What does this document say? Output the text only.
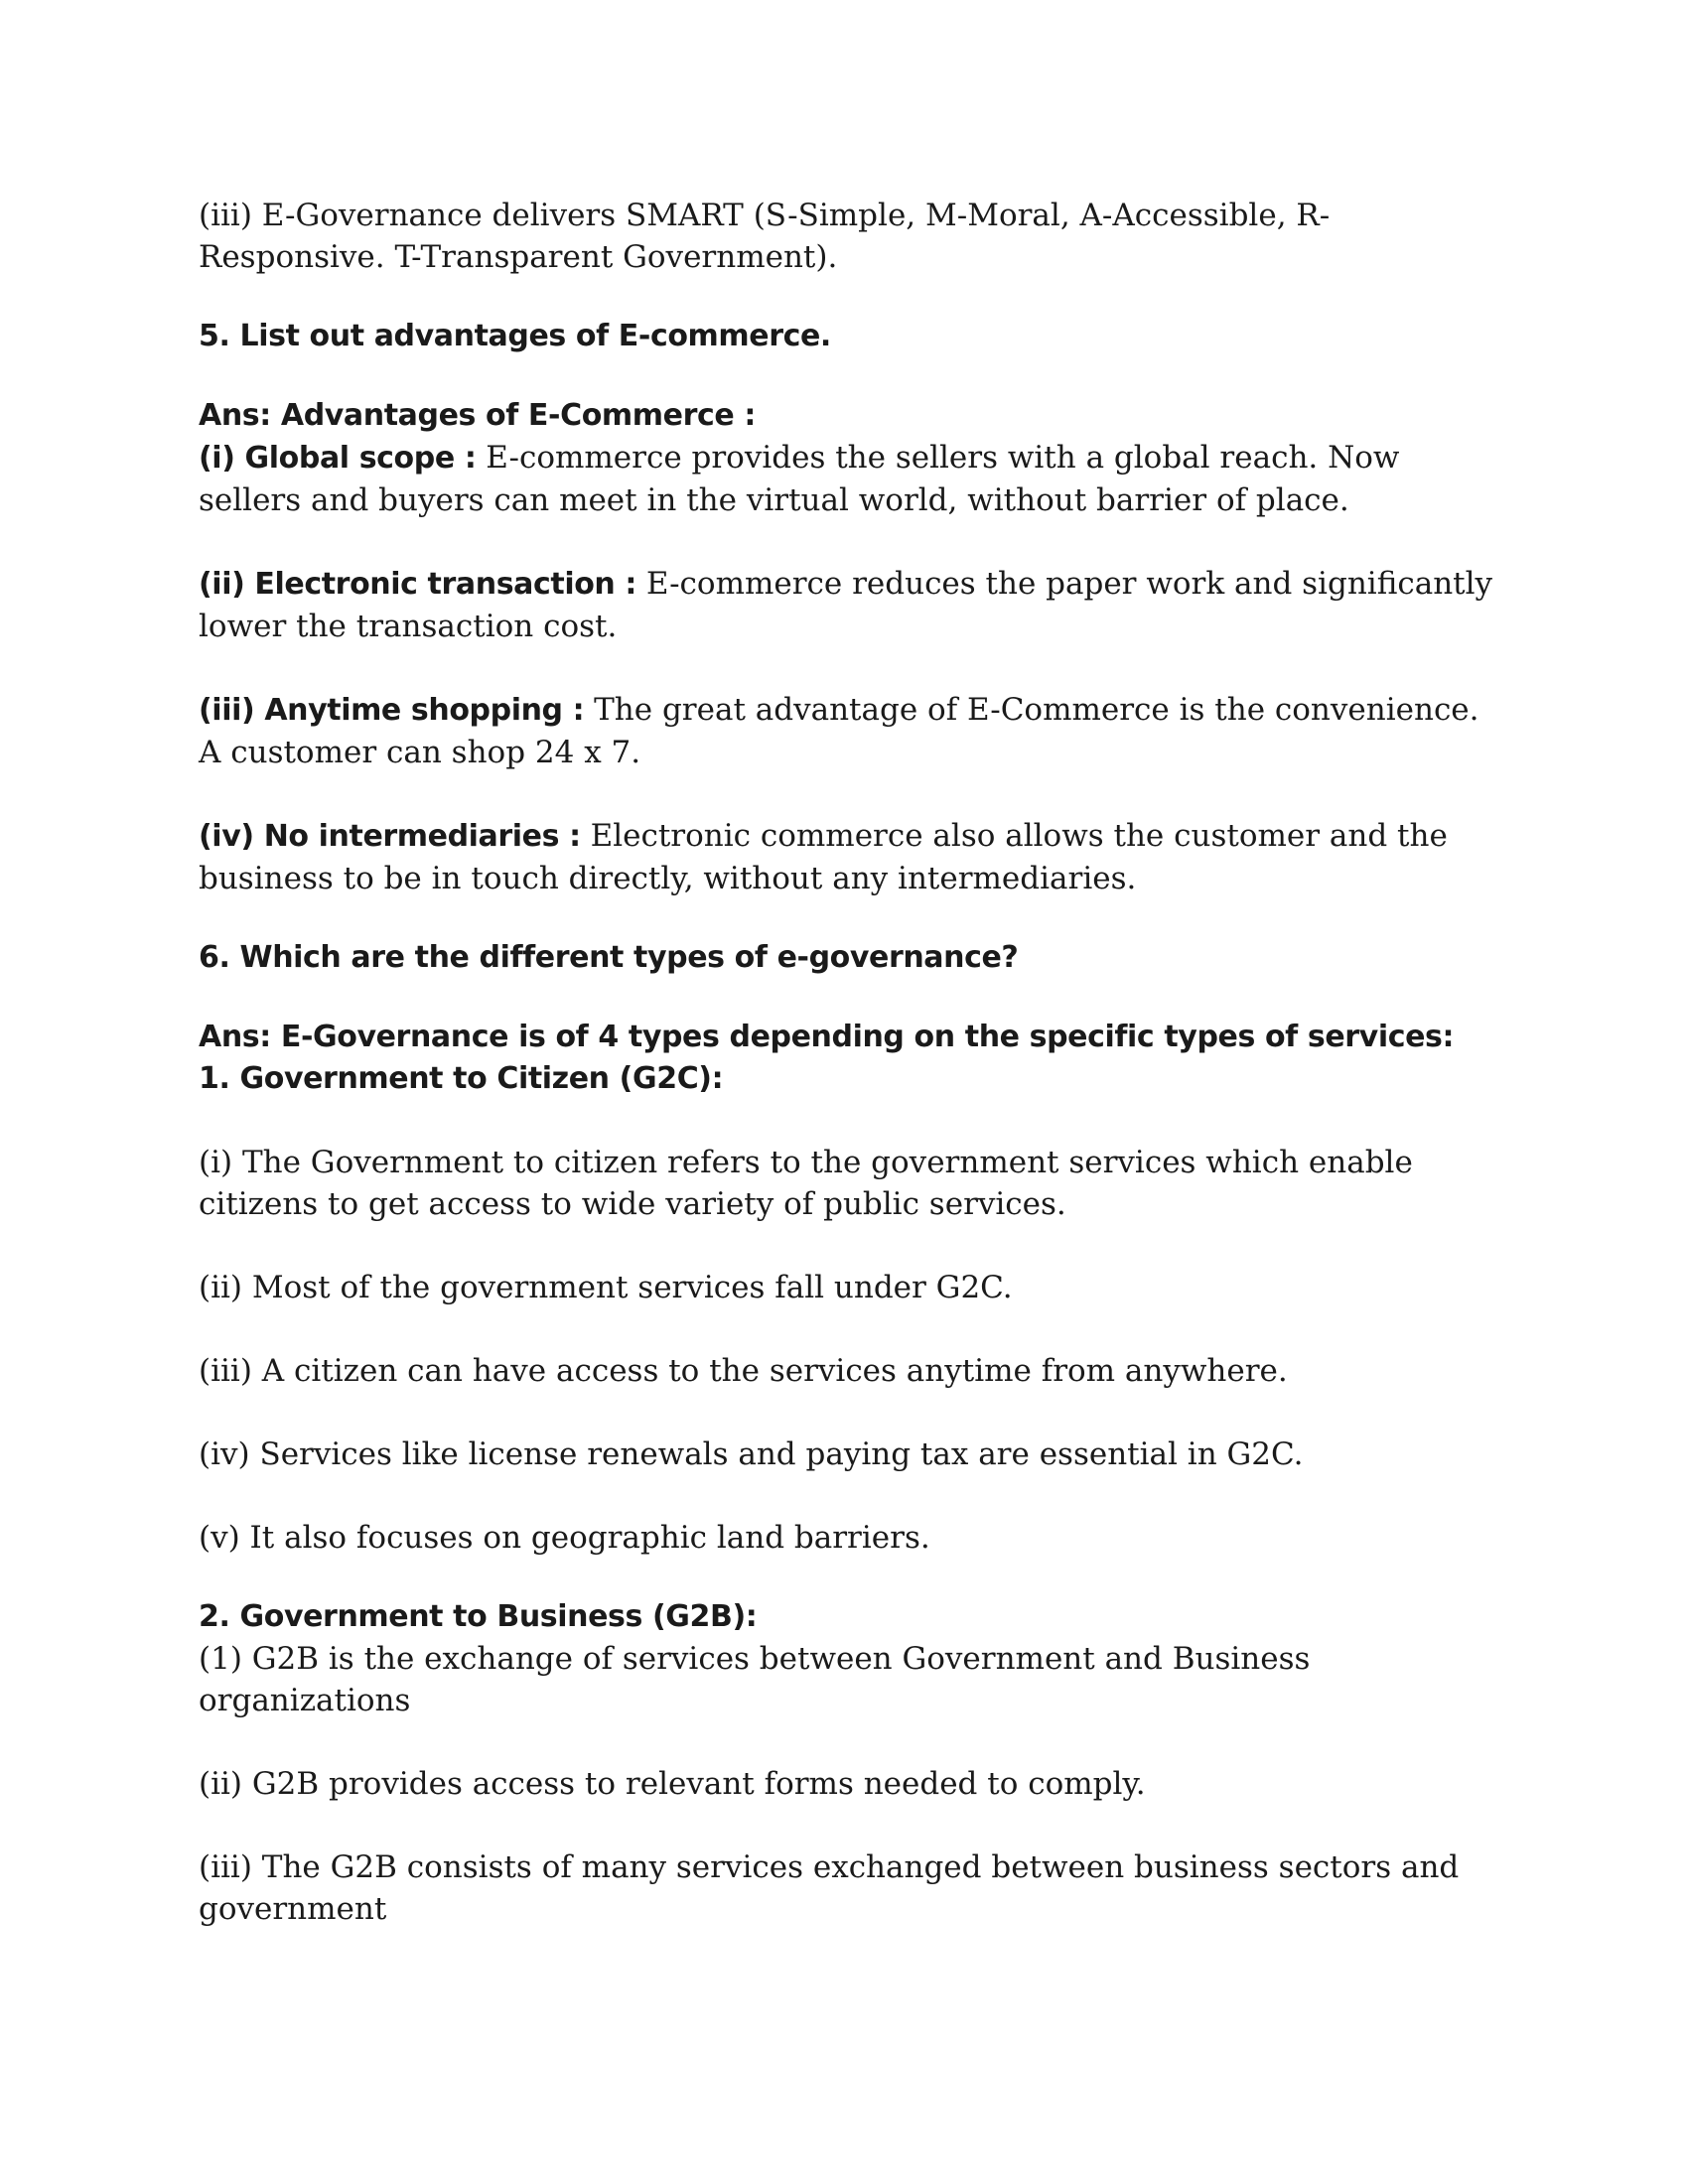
(iii) E-Governance delivers SMART (S-Simple, M-Moral, A-Accessible, R-Responsive. T-Transparent Government).

5. List out advantages of E-commerce.

Ans: Advantages of E-Commerce :

(i) Global scope : E-commerce provides the sellers with a global reach. Now sellers and buyers can meet in the virtual world, without barrier of place.

(ii) Electronic transaction : E-commerce reduces the paper work and significantly lower the transaction cost.

(iii) Anytime shopping : The great advantage of E-Commerce is the convenience. A customer can shop 24 x 7.

(iv) No intermediaries : Electronic commerce also allows the customer and the business to be in touch directly, without any intermediaries.

6. Which are the different types of e-governance?

Ans: E-Governance is of 4 types depending on the specific types of services:

1. Government to Citizen (G2C):

(i) The Government to citizen refers to the government services which enable citizens to get access to wide variety of public services.

(ii) Most of the government services fall under G2C.

(iii) A citizen can have access to the services anytime from anywhere.

(iv) Services like license renewals and paying tax are essential in G2C.

(v) It also focuses on geographic land barriers.

2. Government to Business (G2B):

(1) G2B is the exchange of services between Government and Business organizations

(ii) G2B provides access to relevant forms needed to comply.

(iii) The G2B consists of many services exchanged between business sectors and government
